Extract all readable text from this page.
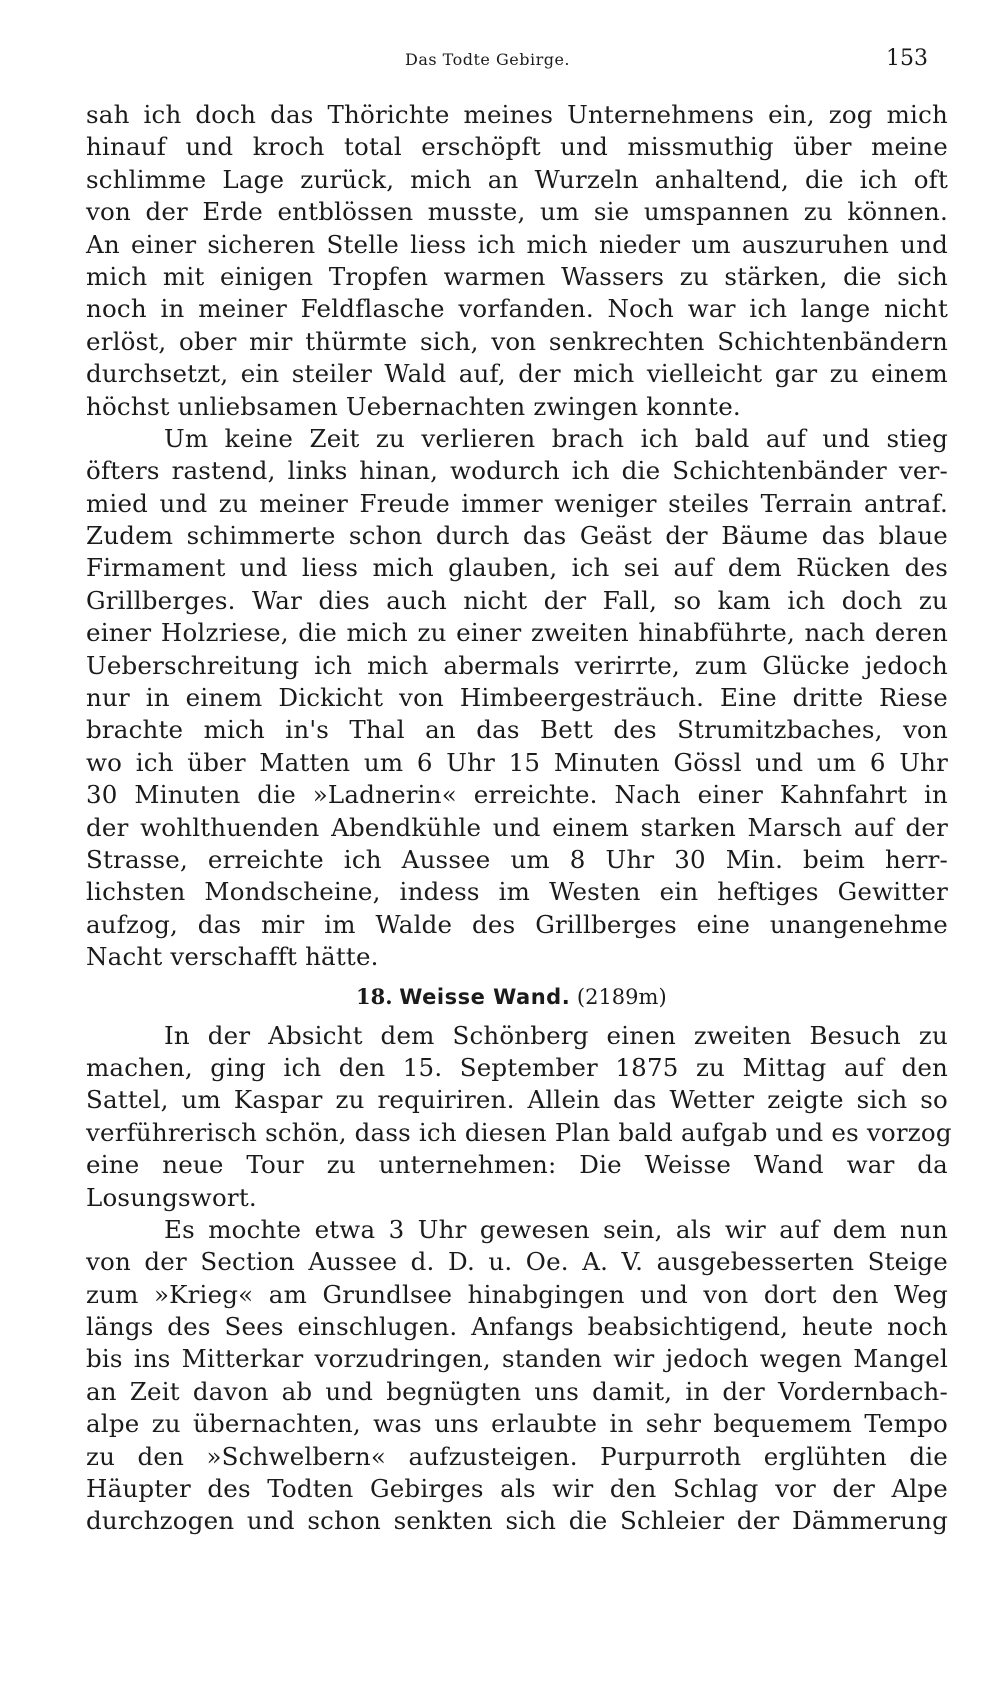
Das Todte Gebirge.	153
sah ich doch das Thörichte meines Unternehmens ein, zog mich
hinauf und kroch total erschöpft und missmuthig über meine
schlimme Lage zurück, mich an Wurzeln anhaltend, die ich oft
von der Erde entblössen musste, um sie umspannen zu können.
An einer sicheren Stelle liess ich mich nieder um auszuruhen und
mich mit einigen Tropfen warmen Wassers zu stärken, die sich
noch in meiner Feldflasche vorfanden. Noch war ich lange nicht
erlöst, ober mir thürmte sich, von senkrechten Schichtenbändern
durchsetzt, ein steiler Wald auf, der mich vielleicht gar zu einem
höchst unliebsamen Uebernachten zwingen konnte.
Um keine Zeit zu verlieren brach ich bald auf und stieg
öfters rastend, links hinan, wodurch ich die Schichtenbänder ver-
mied und zu meiner Freude immer weniger steiles Terrain antraf.
Zudem schimmerte schon durch das Geäst der Bäume das blaue
Firmament und liess mich glauben, ich sei auf dem Rücken des
Grillberges. War dies auch nicht der Fall, so kam ich doch zu
einer Holzriese, die mich zu einer zweiten hinabführte, nach deren
Ueberschreitung ich mich abermals verirrte, zum Glücke jedoch
nur in einem Dickicht von Himbeergesträuch. Eine dritte Riese
brachte mich in's Thal an das Bett des Strumitzbaches, von
wo ich über Matten um 6 Uhr 15 Minuten Gössl und um 6 Uhr
30 Minuten die »Ladnerin« erreichte. Nach einer Kahnfahrt in
der wohlthuenden Abendkühle und einem starken Marsch auf der
Strasse, erreichte ich Aussee um 8 Uhr 30 Min. beim herr-
lichsten Mondscheine, indess im Westen ein heftiges Gewitter
aufzog, das mir im Walde des Grillberges eine unangenehme
Nacht verschafft hätte.
18. Weisse Wand. (2189m)
In der Absicht dem Schönberg einen zweiten Besuch zu
machen, ging ich den 15. September 1875 zu Mittag auf den
Sattel, um Kaspar zu requiriren. Allein das Wetter zeigte sich so
verführerisch schön, dass ich diesen Plan bald aufgab und es vorzog
eine neue Tour zu unternehmen: Die Weisse Wand war da
Losungswort.
Es mochte etwa 3 Uhr gewesen sein, als wir auf dem nun
von der Section Aussee d. D. u. Oe. A. V. ausgebesserten Steige
zum »Krieg« am Grundlsee hinabgingen und von dort den Weg
längs des Sees einschlugen. Anfangs beabsichtigend, heute noch
bis ins Mitterkar vorzudringen, standen wir jedoch wegen Mangel
an Zeit davon ab und begnügten uns damit, in der Vordernbach-
alpe zu übernachten, was uns erlaubte in sehr bequemem Tempo
zu den »Schwelbern« aufzusteigen. Purpurroth erglühten die
Häupter des Todten Gebirges als wir den Schlag vor der Alpe
durchzogen und schon senkten sich die Schleier der Dämmerung
